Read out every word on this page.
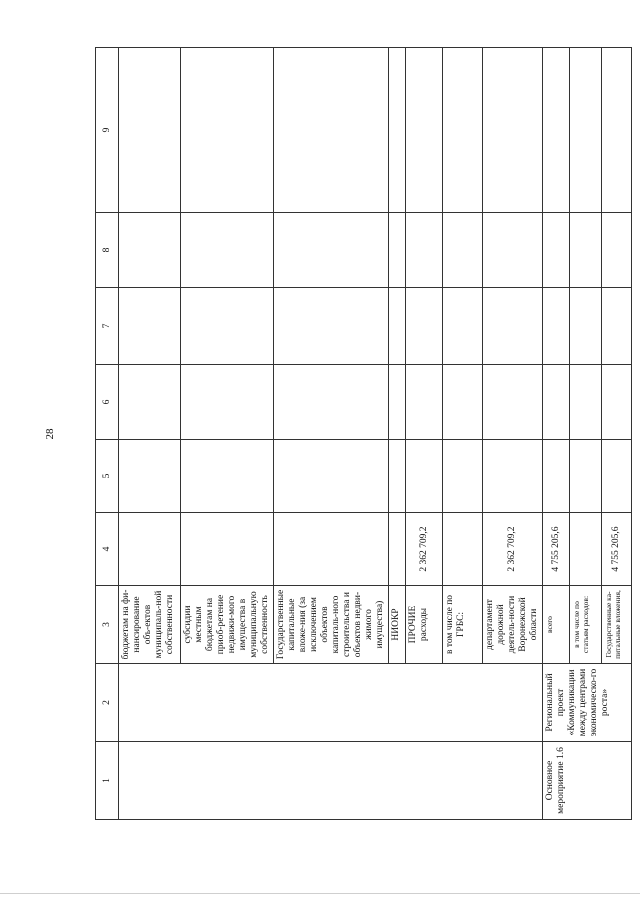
28
1	2	3	4	5	6	7	8	9
		бюджетам на фи-нансирование объ-ектов муниципаль-ной собственности						
		субсидии местным бюджетам на приоб-ретение недвижи-мого имущества в муниципальную собственность						
		Государственные капитальные вложе-ния (за исключением объектов капиталь-ного строительства и объектов недви-жимого имущества)						
		НИОКР						
		ПРОЧИЕ расходы	2 362 709,2					
		в том числе по ГРБС:						
		департамент дорожной деятель-ности Воронежской области	2 362 709,2					
Основное мероприятие 1.6	Региональный проект «Коммуникации между центрами экономическо-го роста»	всего	4 755 205,6					
		в том числе по статьям расходов:						
		Государственные ка-питальные вложения,	4 755 205,6					
